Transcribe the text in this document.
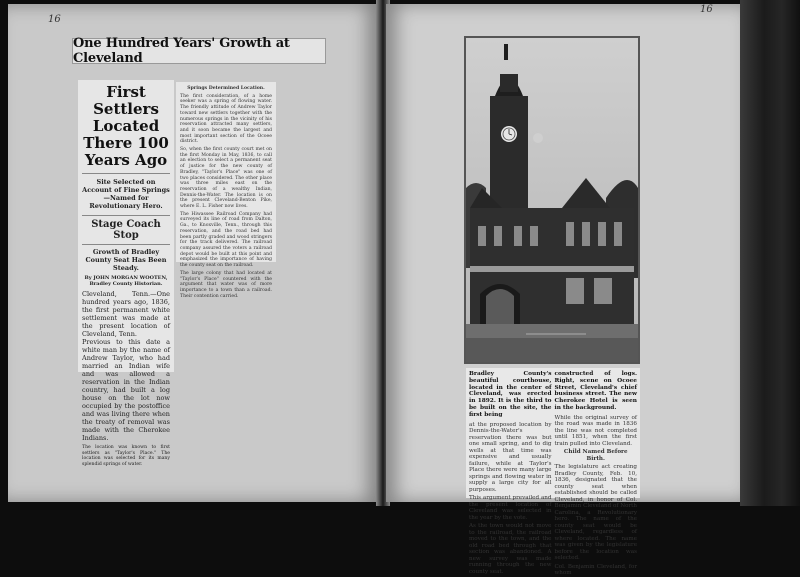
16
16
One Hundred Years' Growth at Cleveland
First Settlers Located There 100 Years Ago
Site Selected on Account of Fine Springs—Named for Revolutionary Hero.
Stage Coach Stop
Growth of Bradley County Seat Has Been Steady.
By JOHN MORGAN WOOTEN, Bradley County Historian.
Cleveland, Tenn.—One hundred years ago, 1836, the first permanent white settlement was made at the present location of Cleveland, Tenn.
Previous to this date a white man by the name of Andrew Taylor, who had married an Indian wife and was allowed a reservation in the Indian country, had built a log house on the lot now occupied by the postoffice and was living there when the treaty of removal was made with the Cherokee Indians.
The location was known to first settlers as "Taylor's Place." The location was selected for its many splendid springs of water.
Springs Determined Location.

The first consideration, of a home seeker was a spring of flowing water. The friendly attitude of Andrew Taylor toward new settlers together with the numerous springs in the vicinity of his reservation attracted many settlers, and it soon became the largest and most important section of the Ocoee district.

So, when the first county court met on the first Monday in May, 1836, to call an election to select a permanent seat of justice for the new county of Bradley, "Taylor's Place" was one of two places considered. The other place was three miles east on the reservation of a wealthy Indian, Dennis-the-Water. The location is on the present Cleveland-Benton Pike, where E. L. Fisher now lives.

The Hiwassee Railroad Company had surveyed its line of road from Dalton, Ga., to Knoxville, Tenn., through this reservation, and the road bed had been partly graded and wood stringers for the track delivered. The railroad company assured the voters a railroad depot would be built at this point and emphasized the importance of having the county seat on the railroad.

The large colony that had located at "Taylor's Place" countered with the argument that water was of more importance to a town than a railroad. Their contention carried.

Bradley County's beautiful courthouse, located in the center of Cleveland, was erected in 1892. It is the third to be built on the site, the first being

at the proposed location by Dennis-the-Water's reservation there was but one small spring, and to dig wells at that time was expensive and usually failure, while at Taylor's Place there were many large springs and flowing water in supply a large city for all purposes.

This argument prevailed and the present location of Cleveland was selected in the year by the vote.

As the town would not move to the railroad, the railroad moved to the town, and the old road bed through that section was abandoned. A new survey was made running through the new county seat.

constructed of logs. Right, scene on Ocoee Street, Cleveland's chief business street. The new Cherokee Hotel is seen in the background.

While the original survey of the road was made in 1836 the line was not completed until 1851, when the first train pulled into Cleveland.

Child Named Before Birth.

The legislature act creating Bradley County, Feb. 10, 1836, designated that the county seat when established should be called Cleveland, in honor of Col. Benjamin Cleveland of North Carolina, a Revolutionary hero. The name of the county seat would be Cleveland, regardless of where located. The name was given by the legislature before the location was selected.

Col. Benjamin Cleveland, for whom
